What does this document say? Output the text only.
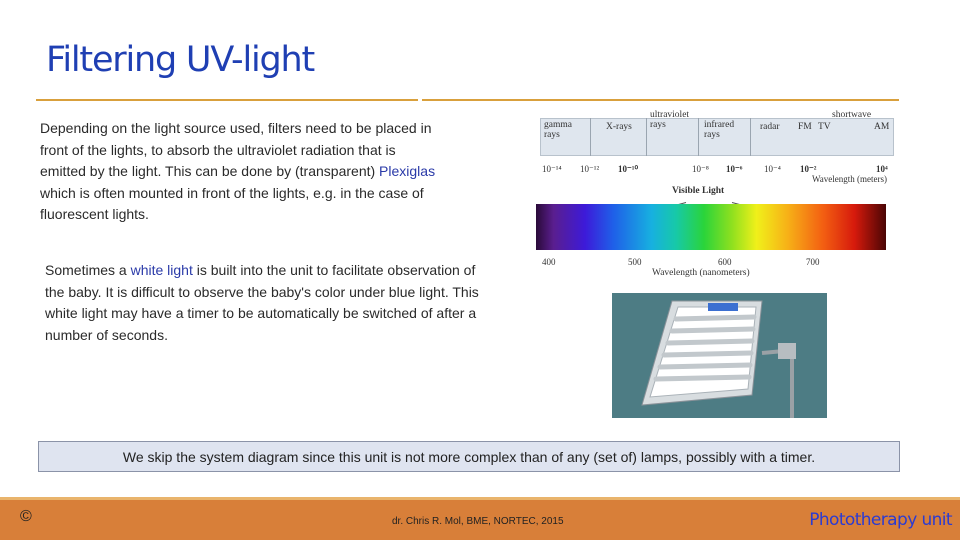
Filtering UV-light

Depending on the light source used, filters need to be placed in front of the lights, to absorb the ultraviolet radiation that is emitted by the light. This can be done by (transparent) Plexiglas which is often mounted in front of the lights, e.g. in the case of fluorescent lights.

Sometimes a white light is built into the unit to facilitate observation of the baby. It is difficult to observe the baby's color under blue light. This white light may have a timer to be automatically be switched of after a number of seconds.

gamma
rays
X-rays
ultraviolet
rays	infrared
rays
radar FM TV
shortwave
AM
10⁻¹⁴ 10⁻¹² 10⁻¹⁰	10⁻⁸ 10⁻⁶ 10⁻⁴ 10⁻²	10⁴
Wavelength (meters)
Visible Light
400	500	600	700
Wavelength (nanometers)
We skip the system diagram since this unit is not more complex than of any (set of) lamps, possibly with a timer.
©	dr. Chris R. Mol, BME, NORTEC, 2015	Phototherapy unit
